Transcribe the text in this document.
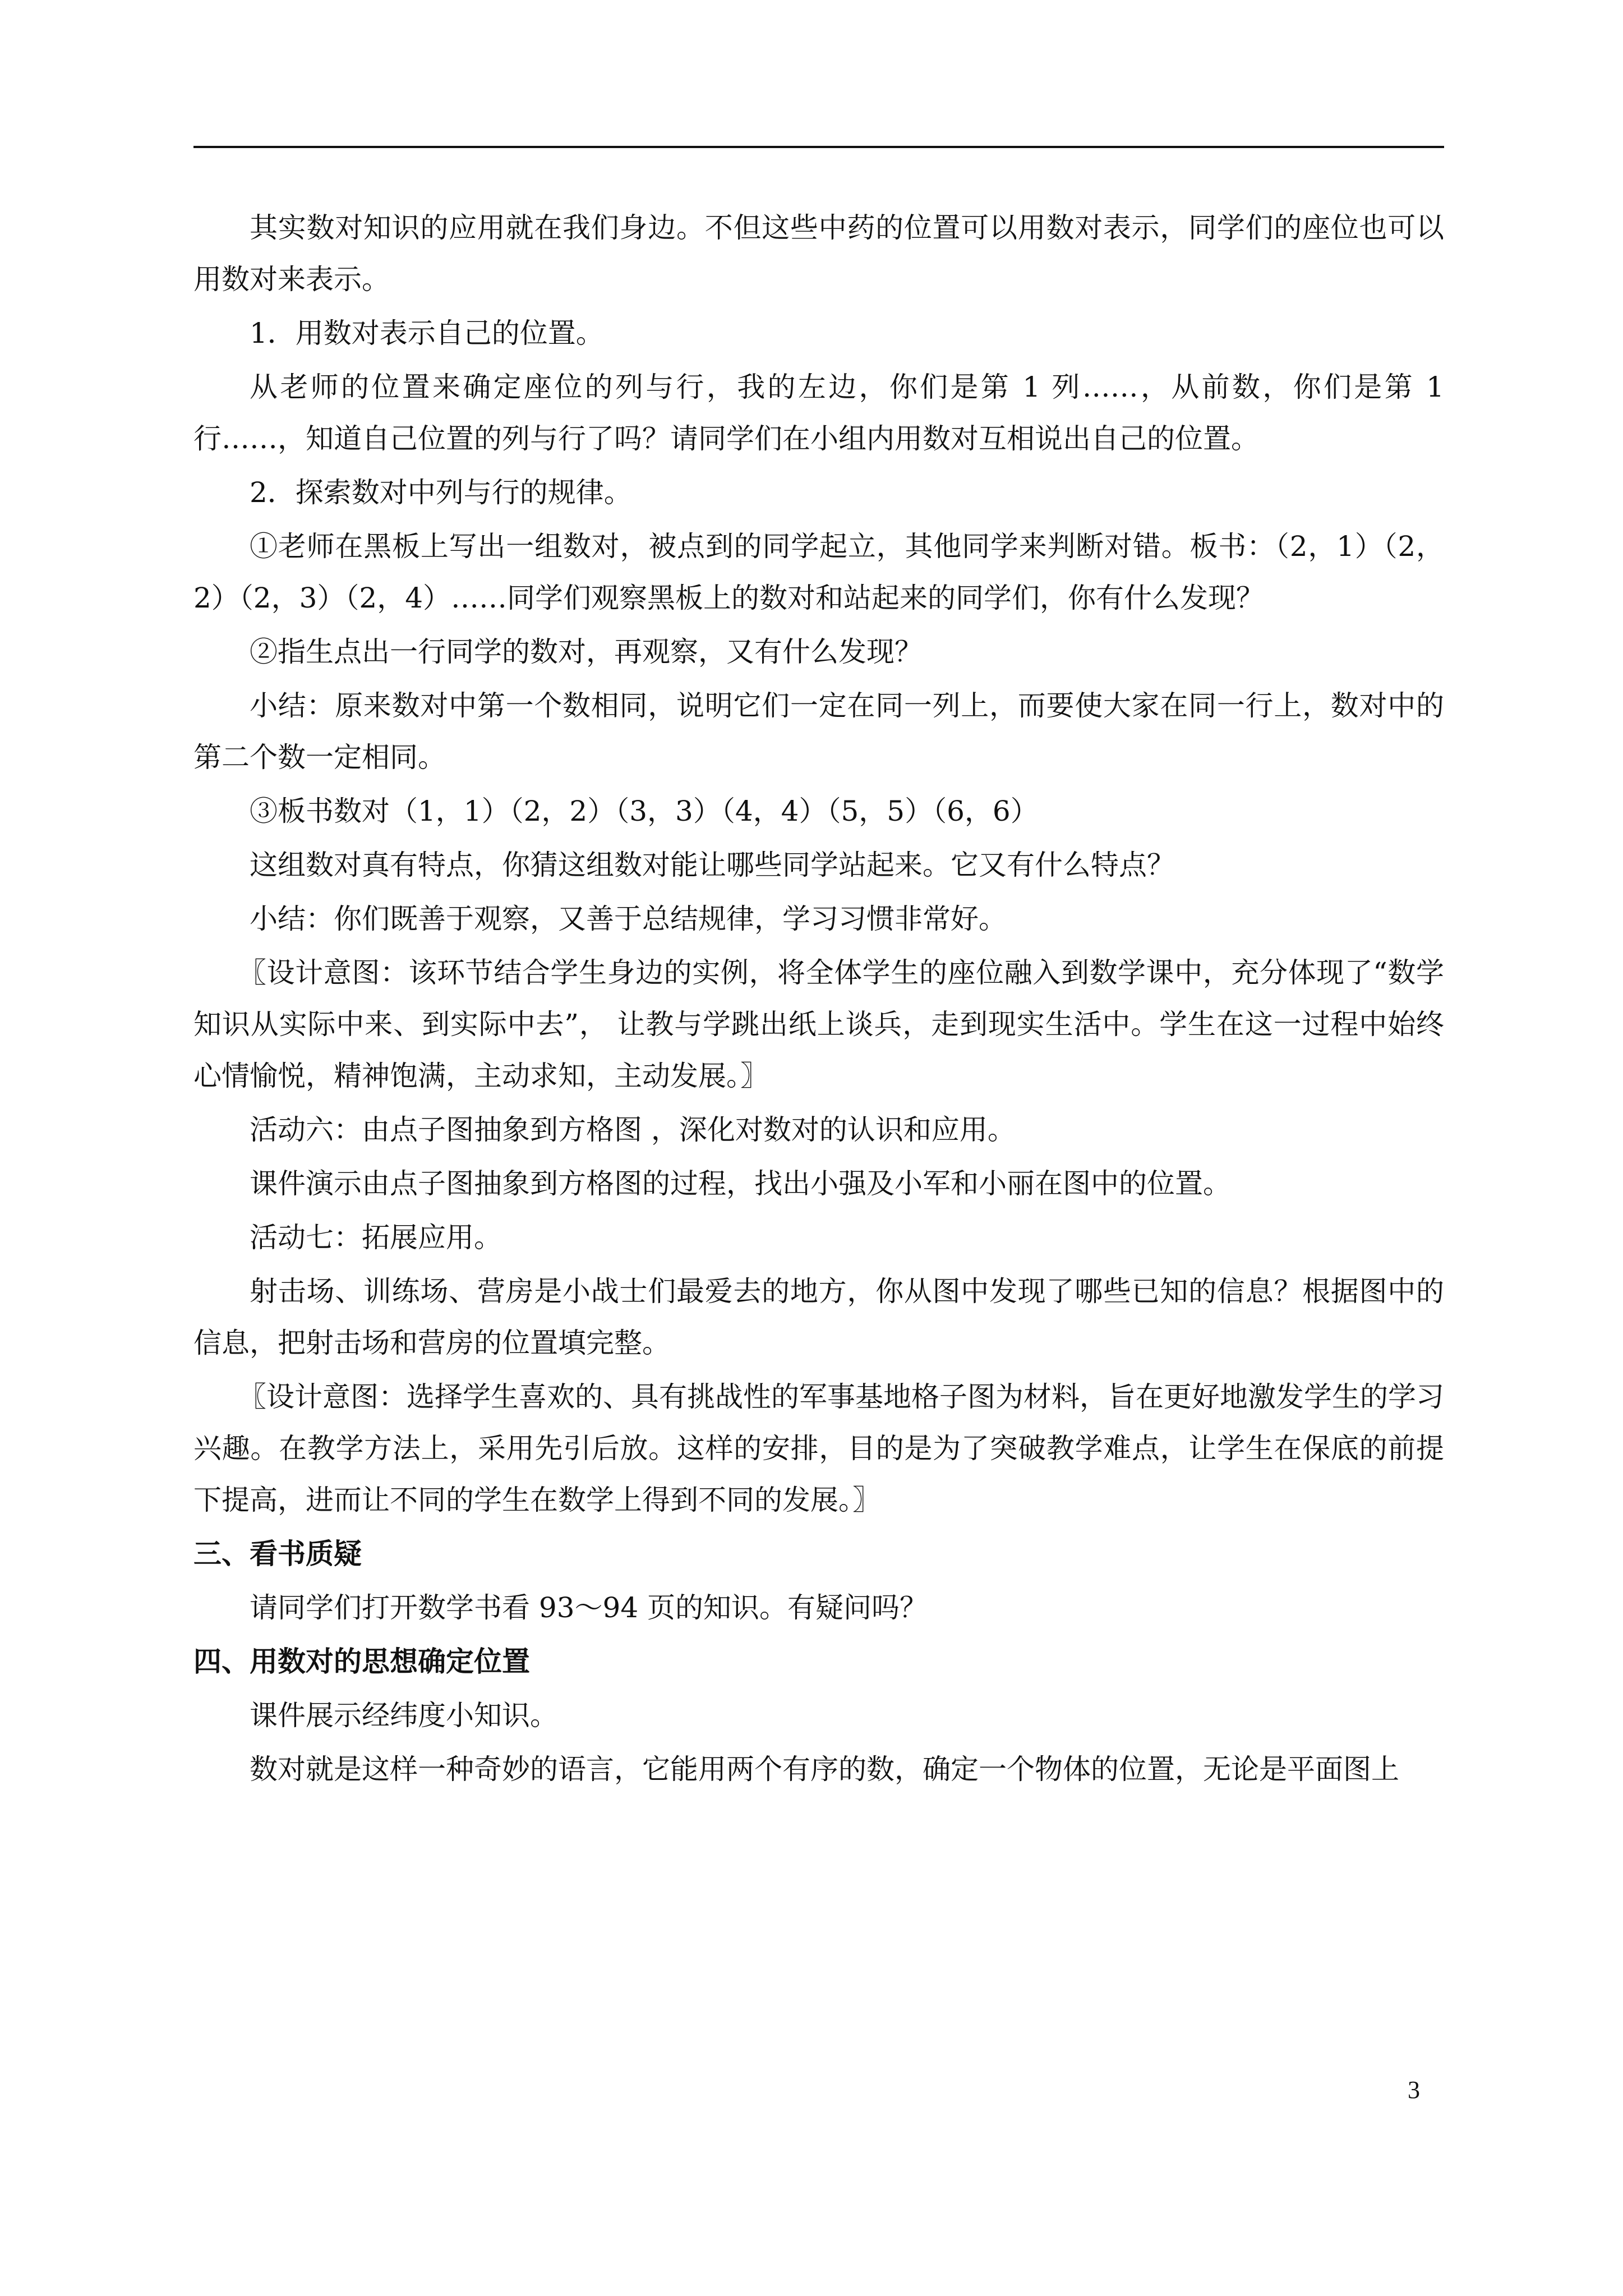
其实数对知识的应用就在我们身边。不但这些中药的位置可以用数对表示，同学们的座位也可以用数对来表示。

1．用数对表示自己的位置。

从老师的位置来确定座位的列与行，我的左边，你们是第 1 列……，从前数，你们是第 1 行……，知道自己位置的列与行了吗？请同学们在小组内用数对互相说出自己的位置。

2．探索数对中列与行的规律。

①老师在黑板上写出一组数对，被点到的同学起立，其他同学来判断对错。板书：（2，1）（2，2）（2，3）（2，4）……同学们观察黑板上的数对和站起来的同学们，你有什么发现？

②指生点出一行同学的数对，再观察，又有什么发现？

小结：原来数对中第一个数相同，说明它们一定在同一列上，而要使大家在同一行上，数对中的第二个数一定相同。

③板书数对（1，1）（2，2）（3，3）（4，4）（5，5）（6，6）

这组数对真有特点，你猜这组数对能让哪些同学站起来。它又有什么特点？

小结：你们既善于观察，又善于总结规律，学习习惯非常好。

〖设计意图：该环节结合学生身边的实例，将全体学生的座位融入到数学课中，充分体现了“数学知识从实际中来、到实际中去”， 让教与学跳出纸上谈兵，走到现实生活中。学生在这一过程中始终心情愉悦，精神饱满，主动求知，主动发展。〗

活动六：由点子图抽象到方格图 ，深化对数对的认识和应用。

课件演示由点子图抽象到方格图的过程，找出小强及小军和小丽在图中的位置。

活动七：拓展应用。

射击场、训练场、营房是小战士们最爱去的地方，你从图中发现了哪些已知的信息？根据图中的信息，把射击场和营房的位置填完整。

〖设计意图：选择学生喜欢的、具有挑战性的军事基地格子图为材料，旨在更好地激发学生的学习兴趣。在教学方法上，采用先引后放。这样的安排，目的是为了突破教学难点，让学生在保底的前提下提高，进而让不同的学生在数学上得到不同的发展。〗

三、看书质疑

请同学们打开数学书看 93～94 页的知识。有疑问吗？

四、用数对的思想确定位置

课件展示经纬度小知识。

数对就是这样一种奇妙的语言，它能用两个有序的数，确定一个物体的位置，无论是平面图上

3
